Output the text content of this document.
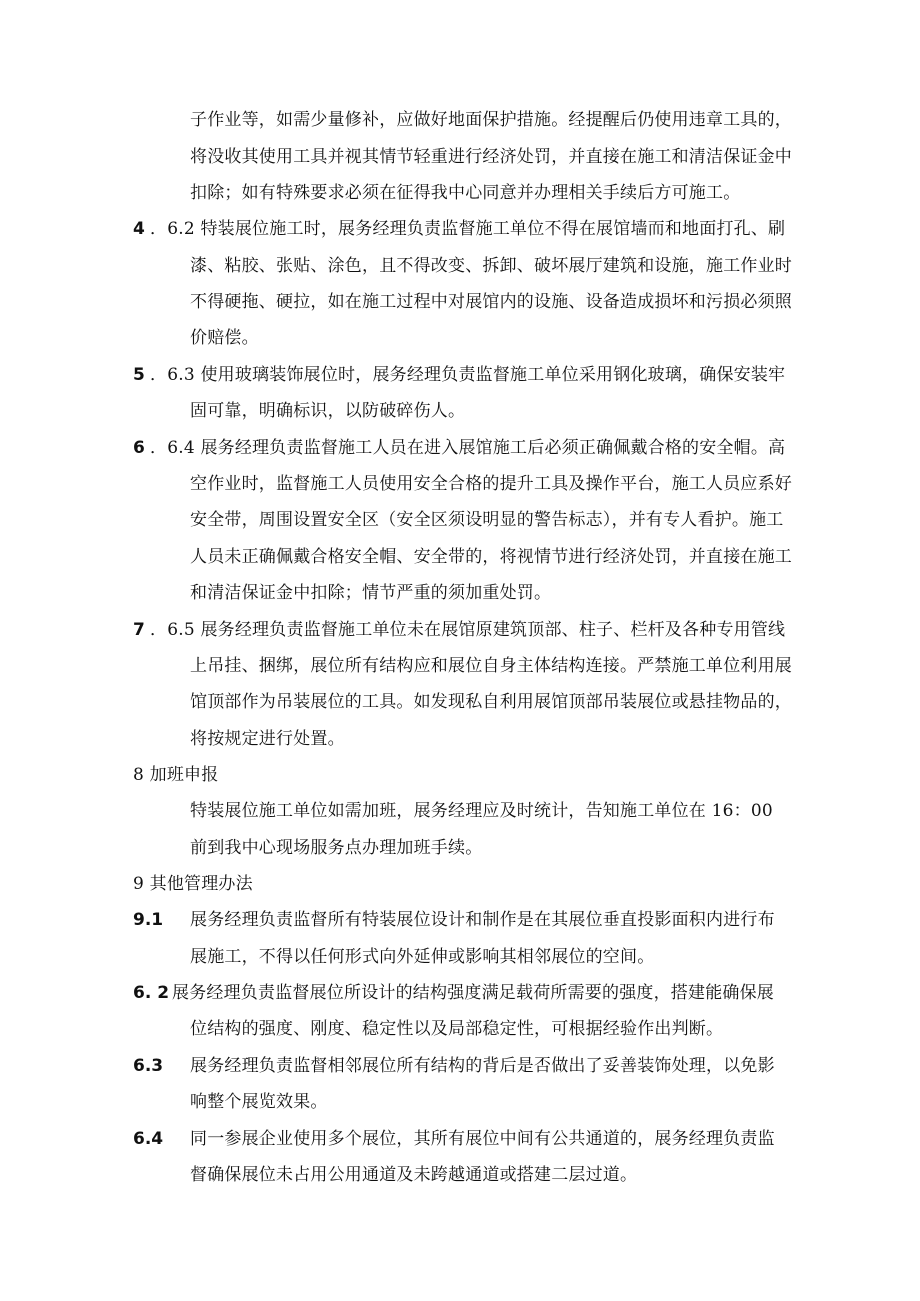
子作业等，如需少量修补，应做好地面保护措施。经提醒后仍使用违章工具的，
将没收其使用工具并视其情节轻重进行经济处罚，并直接在施工和清洁保证金中
扣除；如有特殊要求必须在征得我中心同意并办理相关手续后方可施工。
4 ．6.2 特装展位施工时，展务经理负责监督施工单位不得在展馆墙而和地面打孔、刷
漆、粘胶、张贴、涂色，且不得改变、拆卸、破坏展厅建筑和设施，施工作业时
不得硬拖、硬拉，如在施工过程中对展馆内的设施、设备造成损坏和污损必须照
价赔偿。
5 ．6.3 使用玻璃装饰展位时，展务经理负责监督施工单位采用钢化玻璃，确保安装牢
固可靠，明确标识，以防破碎伤人。
6 ．6.4 展务经理负责监督施工人员在进入展馆施工后必须正确佩戴合格的安全帽。高
空作业时，监督施工人员使用安全合格的提升工具及操作平台，施工人员应系好
安全带，周围设置安全区（安全区须设明显的警告标志），并有专人看护。施工
人员未正确佩戴合格安全帽、安全带的，将视情节进行经济处罚，并直接在施工
和清洁保证金中扣除；情节严重的须加重处罚。
7 ．6.5 展务经理负责监督施工单位未在展馆原建筑顶部、柱子、栏杆及各种专用管线
上吊挂、捆绑，展位所有结构应和展位自身主体结构连接。严禁施工单位利用展
馆顶部作为吊装展位的工具。如发现私自利用展馆顶部吊装展位或悬挂物品的，
将按规定进行处置。
8 加班申报
特装展位施工单位如需加班，展务经理应及时统计，告知施工单位在 16：00
前到我中心现场服务点办理加班手续。
9 其他管理办法
9.1 展务经理负责监督所有特装展位设计和制作是在其展位垂直投影面积内进行布
展施工，不得以任何形式向外延伸或影响其相邻展位的空间。
6. 2 展务经理负责监督展位所设计的结构强度满足载荷所需要的强度，搭建能确保展
位结构的强度、刚度、稳定性以及局部稳定性，可根据经验作出判断。
6.3 展务经理负责监督相邻展位所有结构的背后是否做出了妥善装饰处理，以免影
响整个展览效果。
6.4 同一参展企业使用多个展位，其所有展位中间有公共通道的，展务经理负责监
督确保展位未占用公用通道及未跨越通道或搭建二层过道。
